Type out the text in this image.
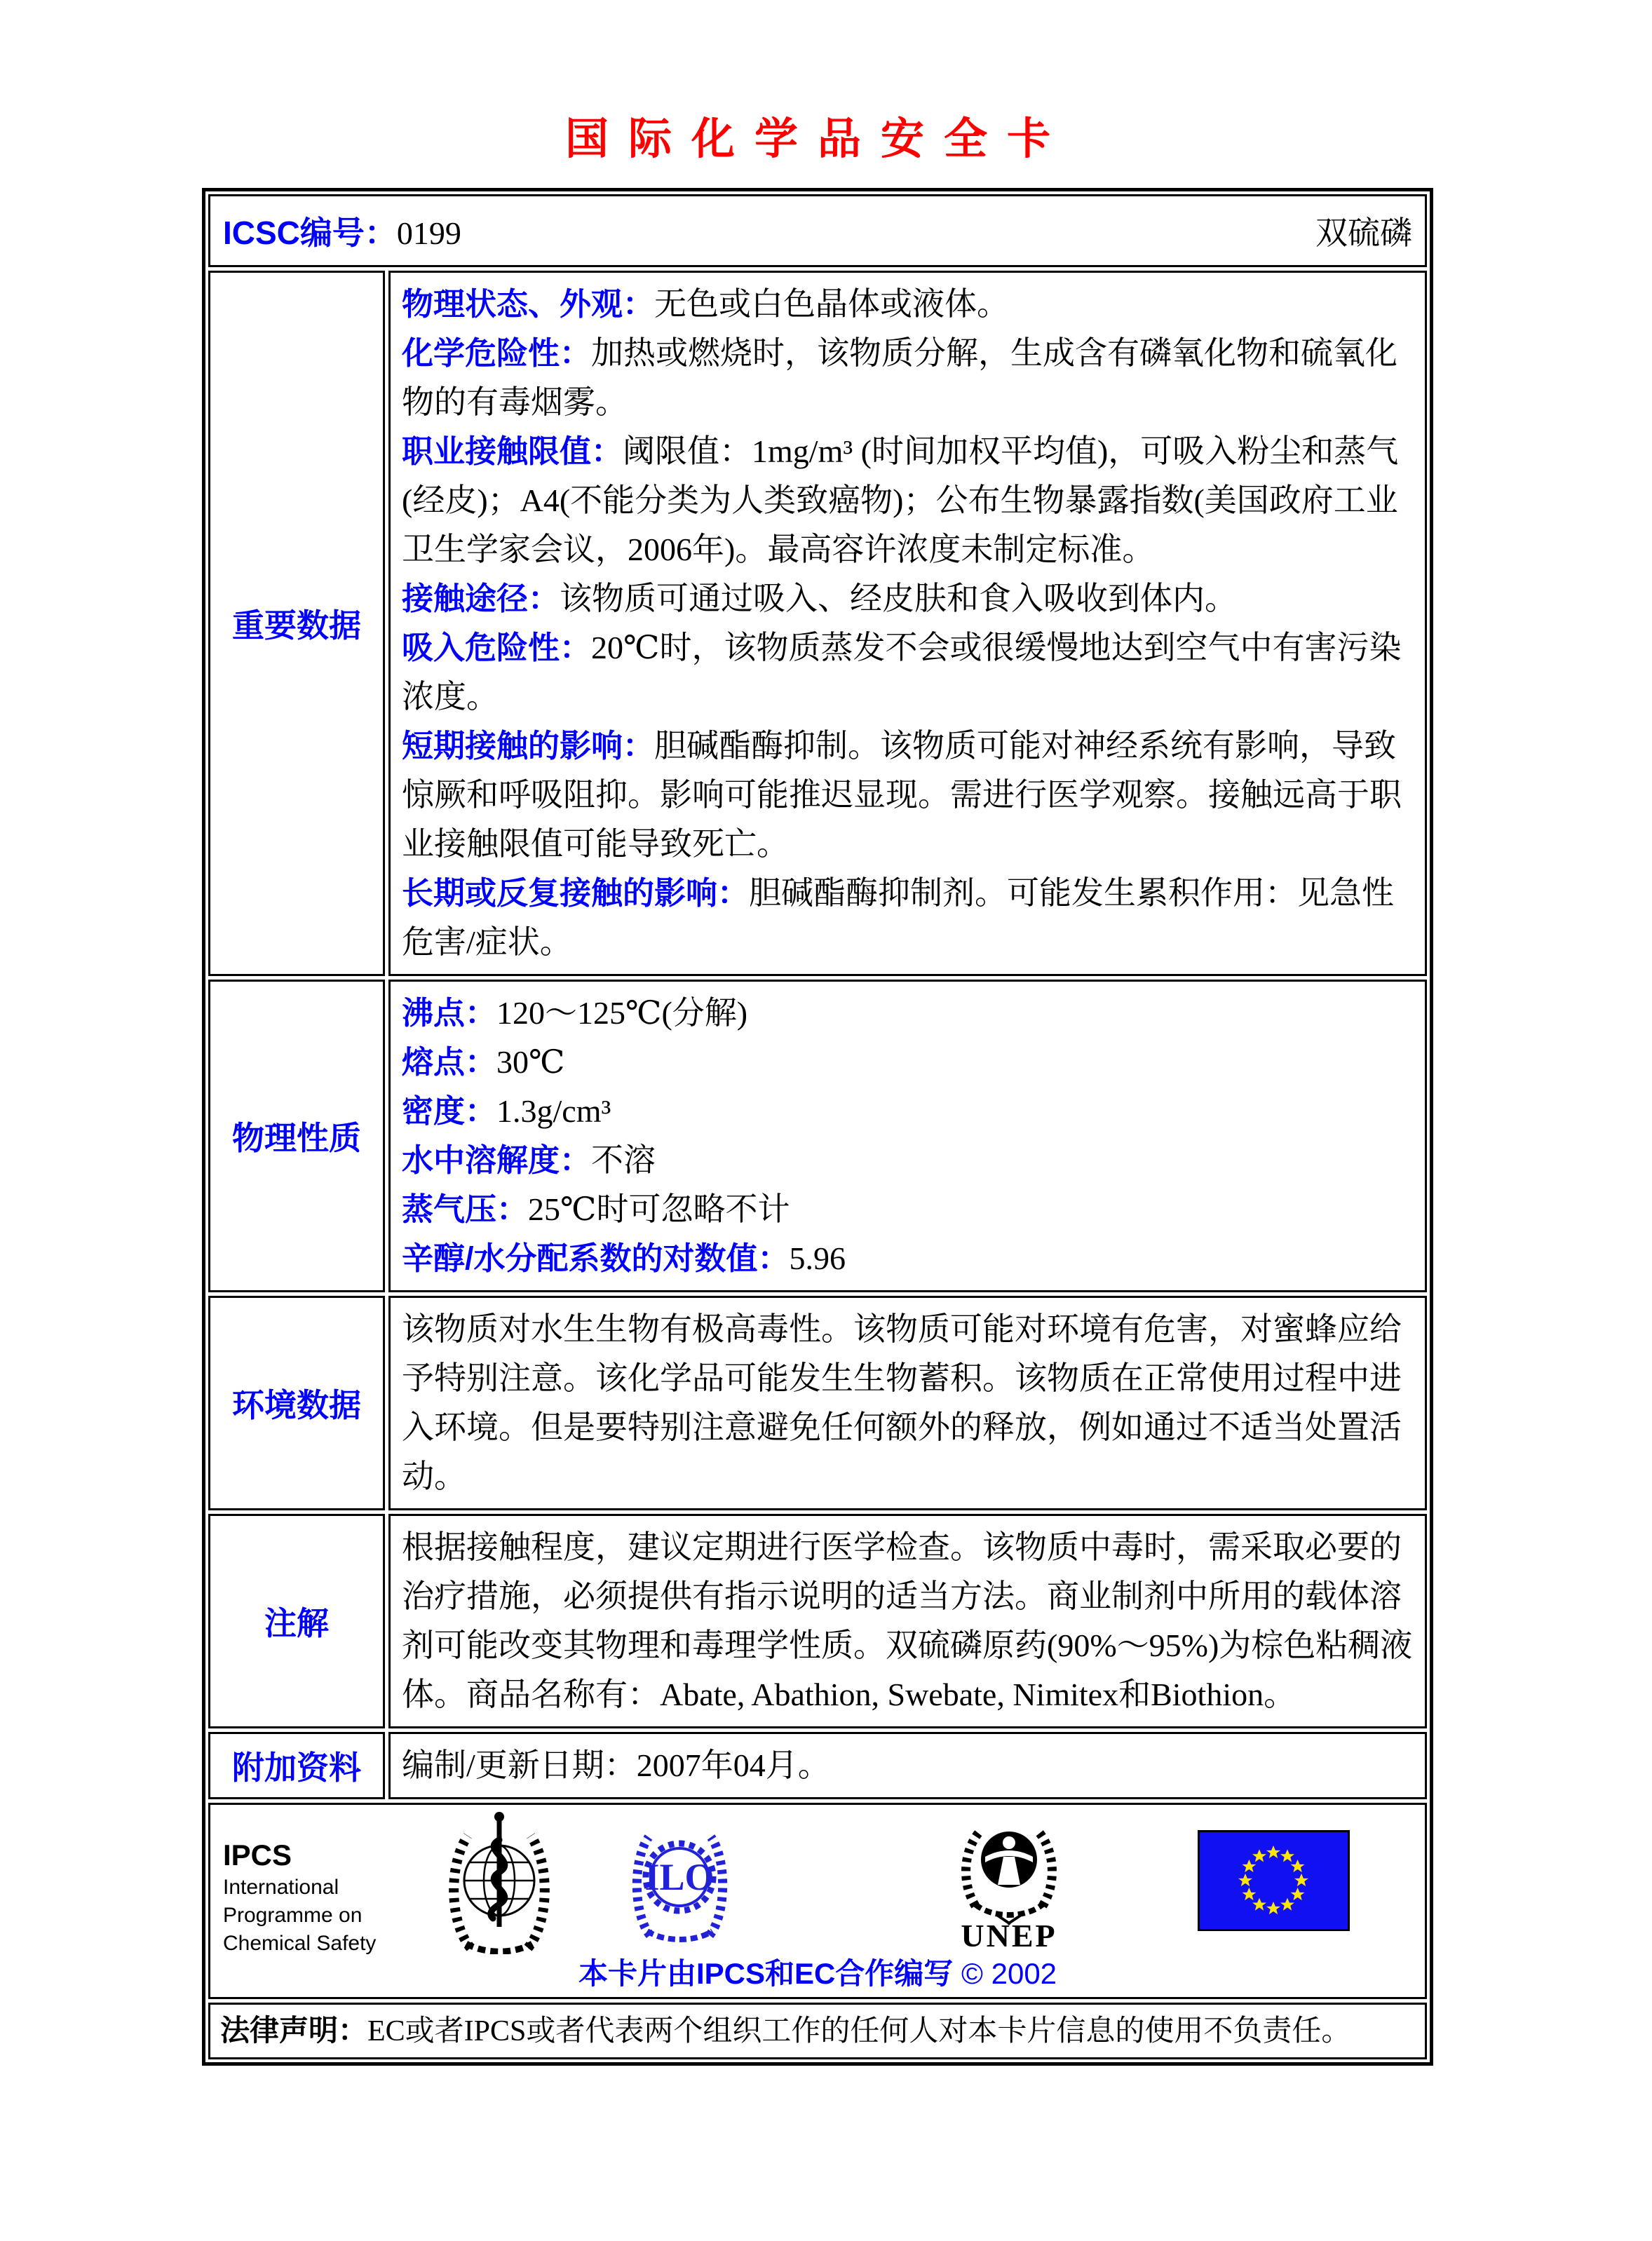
国际化学品安全卡
ICSC编号：0199	双硫磷
重要数据
物理状态、外观：无色或白色晶体或液体。
化学危险性：加热或燃烧时，该物质分解，生成含有磷氧化物和硫氧化物的有毒烟雾。
职业接触限值：阈限值：1mg/m³ (时间加权平均值)，可吸入粉尘和蒸气(经皮)；A4(不能分类为人类致癌物)；公布生物暴露指数(美国政府工业卫生学家会议，2006年)。最高容许浓度未制定标准。
接触途径：该物质可通过吸入、经皮肤和食入吸收到体内。
吸入危险性：20℃时，该物质蒸发不会或很缓慢地达到空气中有害污染浓度。
短期接触的影响：胆碱酯酶抑制。该物质可能对神经系统有影响，导致惊厥和呼吸阻抑。影响可能推迟显现。需进行医学观察。接触远高于职业接触限值可能导致死亡。
长期或反复接触的影响：胆碱酯酶抑制剂。可能发生累积作用：见急性危害/症状。
物理性质
沸点：120～125℃(分解)
熔点：30℃
密度：1.3g/cm³
水中溶解度：不溶
蒸气压：25℃时可忽略不计
辛醇/水分配系数的对数值：5.96
环境数据
该物质对水生生物有极高毒性。该物质可能对环境有危害，对蜜蜂应给予特别注意。该化学品可能发生生物蓄积。该物质在正常使用过程中进入环境。但是要特别注意避免任何额外的释放，例如通过不适当处置活动。
注解
根据接触程度，建议定期进行医学检查。该物质中毒时，需采取必要的治疗措施，必须提供有指示说明的适当方法。商业制剂中所用的载体溶剂可能改变其物理和毒理学性质。双硫磷原药(90%～95%)为棕色粘稠液体。商品名称有：Abate, Abathion, Swebate, Nimitex和Biothion。
附加资料	编制/更新日期：2007年04月。
IPCS
International
Programme on
Chemical Safety
ILO
UNEP
本卡片由IPCS和EC合作编写 © 2002
法律声明：EC或者IPCS或者代表两个组织工作的任何人对本卡片信息的使用不负责任。
